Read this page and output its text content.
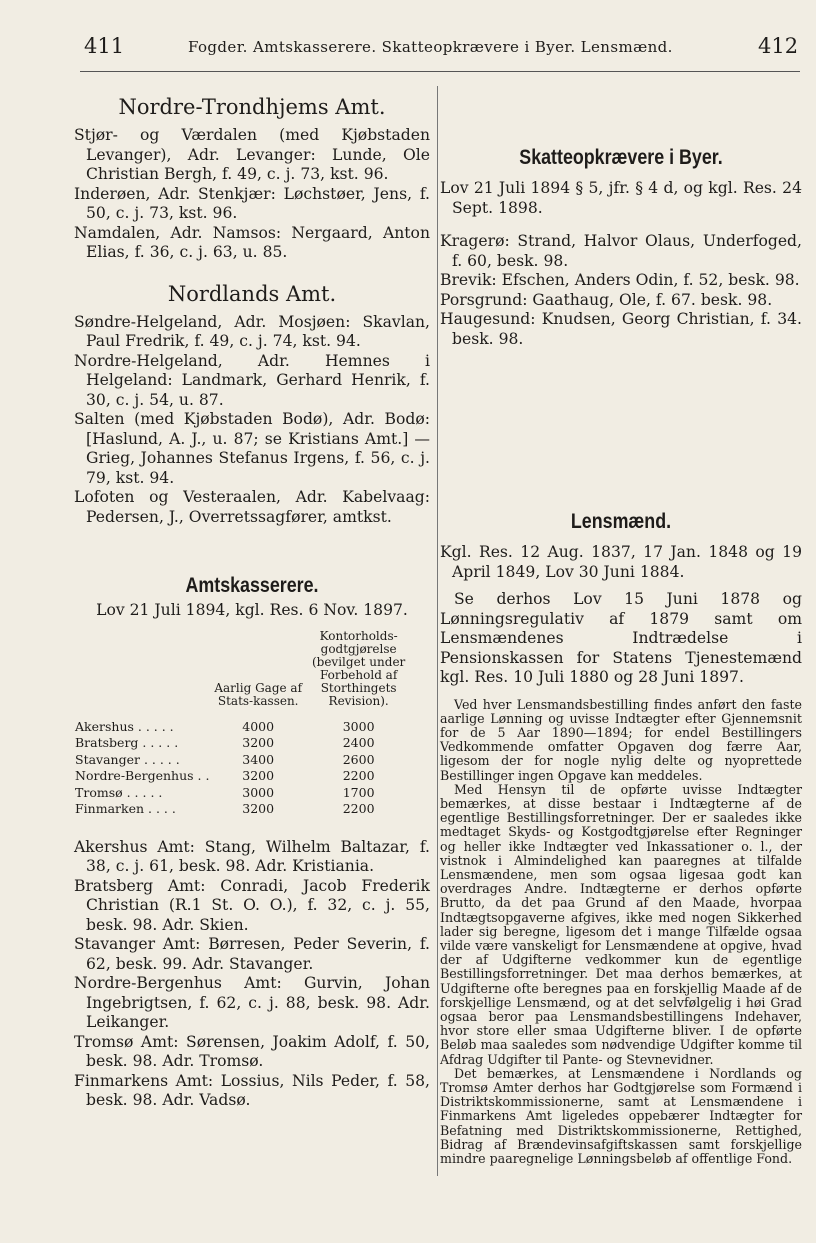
411	Fogder. Amtskasserere. Skatteopkrævere i Byer. Lensmænd.	412
Nordre-Trondhjems Amt.
Stjør- og Værdalen (med Kjøbstaden Levanger), Adr. Levanger: Lunde, Ole Christian Bergh, f. 49, c. j. 73, kst. 96.
Inderøen, Adr. Stenkjær: Løchstøer, Jens, f. 50, c. j. 73, kst. 96.
Namdalen, Adr. Namsos: Nergaard, Anton Elias, f. 36, c. j. 63, u. 85.
Nordlands Amt.
Søndre-Helgeland, Adr. Mosjøen: Skavlan, Paul Fredrik, f. 49, c. j. 74, kst. 94.
Nordre-Helgeland, Adr. Hemnes i Helgeland: Landmark, Gerhard Henrik, f. 30, c. j. 54, u. 87.
Salten (med Kjøbstaden Bodø), Adr. Bodø: [Haslund, A. J., u. 87; se Kristians Amt.] — Grieg, Johannes Stefanus Irgens, f. 56, c. j. 79, kst. 94.
Lofoten og Vesteraalen, Adr. Kabelvaag: Pedersen, J., Overretssagfører, amtkst.
Amtskasserere.
Lov 21 Juli 1894, kgl. Res. 6 Nov. 1897.
	Aarlig Gage af Stats-kassen.	Kontorholds-godtgjørelse (bevilget under Forbehold af Storthingets Revision).

Akershus . . . . .	4000	3000
Bratsberg . . . . .	3200	2400
Stavanger . . . . .	3400	2600
Nordre-Bergenhus . .	3200	2200
Tromsø . . . . .	3000	1700
Finmarken . . . .	3200	2200
Akershus Amt: Stang, Wilhelm Baltazar, f. 38, c. j. 61, besk. 98. Adr. Kristiania.
Bratsberg Amt: Conradi, Jacob Frederik Christian (R.1 St. O. O.), f. 32, c. j. 55, besk. 98. Adr. Skien.
Stavanger Amt: Børresen, Peder Severin, f. 62, besk. 99. Adr. Stavanger.
Nordre-Bergenhus Amt: Gurvin, Johan Ingebrigtsen, f. 62, c. j. 88, besk. 98. Adr. Leikanger.
Tromsø Amt: Sørensen, Joakim Adolf, f. 50, besk. 98. Adr. Tromsø.
Finmarkens Amt: Lossius, Nils Peder, f. 58, besk. 98. Adr. Vadsø.
Skatteopkrævere i Byer.
Lov 21 Juli 1894 § 5, jfr. § 4 d, og kgl. Res. 24 Sept. 1898.
Kragerø: Strand, Halvor Olaus, Underfoged, f. 60, besk. 98.
Brevik: Efschen, Anders Odin, f. 52, besk. 98.
Porsgrund: Gaathaug, Ole, f. 67. besk. 98.
Haugesund: Knudsen, Georg Christian, f. 34. besk. 98.
Lensmænd.
Kgl. Res. 12 Aug. 1837, 17 Jan. 1848 og 19 April 1849, Lov 30 Juni 1884.
Se derhos Lov 15 Juni 1878 og Lønningsregulativ af 1879 samt om Lensmændenes Indtrædelse i Pensionskassen for Statens Tjenestemænd kgl. Res. 10 Juli 1880 og 28 Juni 1897.
Ved hver Lensmandsbestilling findes anført den faste aarlige Lønning og uvisse Indtægter efter Gjennemsnit for de 5 Aar 1890—1894; for endel Bestillingers Vedkommende omfatter Opgaven dog færre Aar, ligesom der for nogle nylig delte og nyoprettede Bestillinger ingen Opgave kan meddeles.
Med Hensyn til de opførte uvisse Indtægter bemærkes, at disse bestaar i Indtægterne af de egentlige Bestillingsforretninger. Der er saaledes ikke medtaget Skyds- og Kostgodtgjørelse efter Regninger og heller ikke Indtægter ved Inkassationer o. l., der vistnok i Almindelighed kan paaregnes at tilfalde Lensmændene, men som ogsaa ligesaa godt kan overdrages Andre. Indtægterne er derhos opførte Brutto, da det paa Grund af den Maade, hvorpaa Indtægtsopgaverne afgives, ikke med nogen Sikkerhed lader sig beregne, ligesom det i mange Tilfælde ogsaa vilde være vanskeligt for Lensmændene at opgive, hvad der af Udgifterne vedkommer kun de egentlige Bestillingsforretninger. Det maa derhos bemærkes, at Udgifterne ofte beregnes paa en forskjellig Maade af de forskjellige Lensmænd, og at det selvfølgelig i høi Grad ogsaa beror paa Lensmandsbestillingens Indehaver, hvor store eller smaa Udgifterne bliver. I de opførte Beløb maa saaledes som nødvendige Udgifter komme til Afdrag Udgifter til Pante- og Stevnevidner.
Det bemærkes, at Lensmændene i Nordlands og Tromsø Amter derhos har Godtgjørelse som Formænd i Distriktskommissionerne, samt at Lensmændene i Finmarkens Amt ligeledes oppebærer Indtægter for Befatning med Distriktskommissionerne, Rettighed, Bidrag af Brændevinsafgiftskassen samt forskjellige mindre paaregnelige Lønningsbeløb af offentlige Fond.
